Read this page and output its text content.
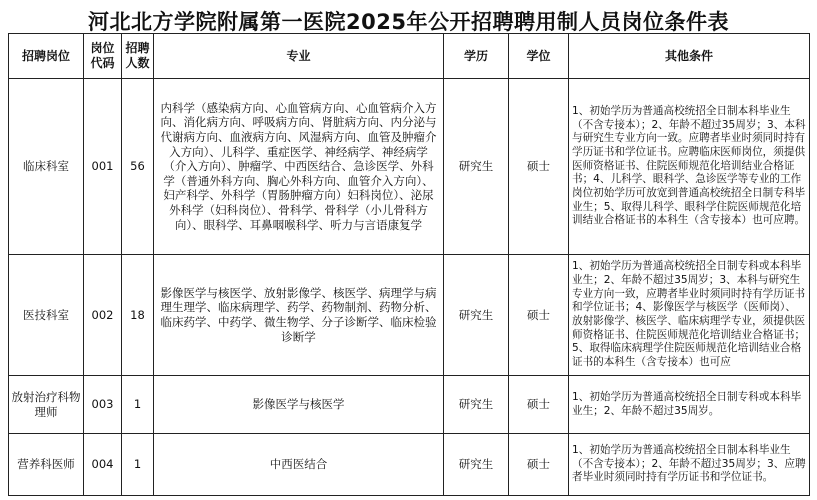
河北北方学院附属第一医院2025年公开招聘聘用制人员岗位条件表
招聘岗位	岗位代码	招聘人数	专业	学历	学位	其他条件
临床科室	001	56	内科学（感染病方向、心血管病方向、心血管病介入方向、消化病方向、呼吸病方向、肾脏病方向、内分泌与代谢病方向、血液病方向、风湿病方向、血管及肿瘤介入方向）、儿科学、重症医学、神经病学、神经病学（介入方向）、肿瘤学、中西医结合、急诊医学、外科学（普通外科方向、胸心外科方向、血管介入方向）、妇产科学、外科学（胃肠肿瘤方向）妇科岗位）、泌尿外科学（妇科岗位）、骨科学、骨科学（小儿骨科方向）、眼科学、耳鼻咽喉科学、听力与言语康复学	研究生	硕士	1、初始学历为普通高校统招全日制本科毕业生（不含专接本）；2、年龄不超过35周岁；3、本科与研究生专业方向一致。应聘者毕业时须同时持有学历证书和学位证书。应聘临床医师岗位，须提供医师资格证书、住院医师规范化培训结业合格证书；4、儿科学、眼科学、急诊医学等专业的工作岗位初始学历可放宽到普通高校统招全日制专科毕业生；5、取得儿科学、眼科学住院医师规范化培训结业合格证书的本科生（含专接本）也可应聘。
医技科室	002	18	影像医学与核医学、放射影像学、核医学、病理学与病理生理学、临床病理学、药学、药物制剂、药物分析、临床药学、中药学、微生物学、分子诊断学、临床检验诊断学	研究生	硕士	1、初始学历为普通高校统招全日制专科或本科毕业生；2、年龄不超过35周岁；3、本科与研究生专业方向一致，应聘者毕业时须同时持有学历证书和学位证书；4、影像医学与核医学（医师岗）、放射影像学、核医学、临床病理学专业，须提供医师资格证书、住院医师规范化培训结业合格证书；5、取得临床病理学住院医师规范化培训结业合格证书的本科生（含专接本）也可应
放射治疗科物理师	003	1	影像医学与核医学	研究生	硕士	1、初始学历为普通高校统招全日制专科或本科毕业生；2、年龄不超过35周岁。
营养科医师	004	1	中西医结合	研究生	硕士	1、初始学历为普通高校统招全日制本科毕业生（不含专接本）；2、年龄不超过35周岁；3、应聘者毕业时须同时持有学历证书和学位证书。
